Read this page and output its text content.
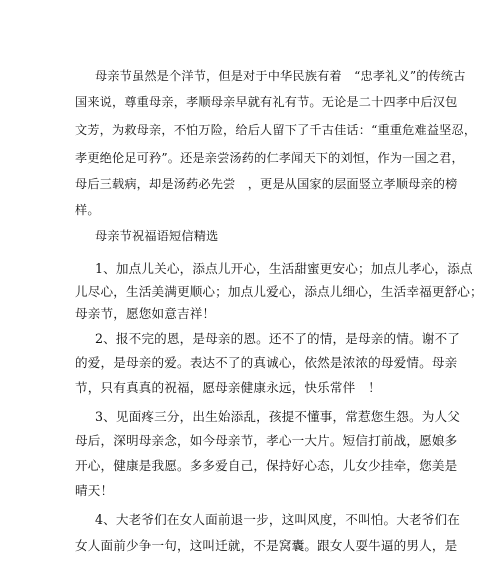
母亲节虽然是个洋节，但是对于中华民族有着　“忠孝礼义”的传统古
国来说，尊重母亲，孝顺母亲早就有礼有节。无论是二十四孝中后汉包
文芳，为救母亲，不怕万险，给后人留下了千古佳话：“重重危难益坚忍，
孝更绝伦足可矜”。还是亲尝汤药的仁孝闻天下的刘恒，作为一国之君，
母后三载病，却是汤药必先尝　，更是从国家的层面竖立孝顺母亲的榜
样。
母亲节祝福语短信精选
1、加点儿关心，添点儿开心，生活甜蜜更安心；加点儿孝心，添点
儿尽心，生活美满更顺心；加点儿爱心，添点儿细心，生活幸福更舒心；
母亲节，愿您如意吉祥！
2、报不完的恩，是母亲的恩。还不了的情，是母亲的情。谢不了
的爱，是母亲的爱。表达不了的真诚心，依然是浓浓的母爱情。母亲
节，只有真真的祝福，愿母亲健康永远，快乐常伴　！
3、见面疼三分，出生始添乱，孩提不懂事，常惹您生怨。为人父
母后，深明母亲念，如今母亲节，孝心一大片。短信打前战，愿娘多
开心，健康是我愿。多多爱自己，保持好心态，儿女少挂牵，您美是
晴天！
4、大老爷们在女人面前退一步，这叫风度，不叫怕。大老爷们在
女人面前少争一句，这叫迁就，不是窝囊。跟女人耍牛逼的男人，是
